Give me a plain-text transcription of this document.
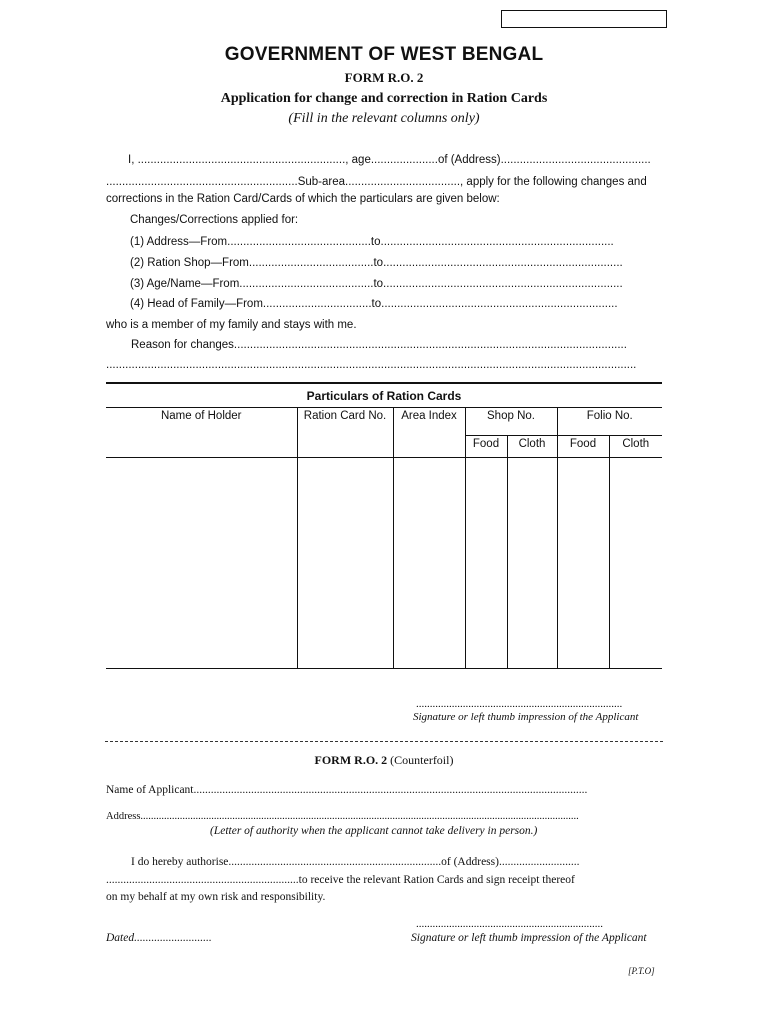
GOVERNMENT OF WEST BENGAL
FORM R.O. 2
Application for change and correction in Ration Cards
(Fill in the relevant columns only)
I, ................................................................., age.....................of (Address)...............................................
............................................................Sub-area...................................., apply for the following changes and
corrections in the Ration Card/Cards of which the particulars are given below:
Changes/Corrections applied for:
(1) Address—From.............................................to.........................................................................
(2) Ration Shop—From.......................................to...........................................................................
(3) Age/Name—From..........................................to...........................................................................
(4) Head of Family—From..................................to..........................................................................
who is a member of my family and stays with me.
Reason for changes...........................................................................................................................
......................................................................................................................................................................
Particulars of Ration Cards
Name of Holder	Ration Card No.	Area Index	Shop No.		Folio No.	
			Food	Cloth	Food	Cloth

...........................................................................
Signature or left thumb impression of the Applicant
FORM R.O. 2 (Counterfoil)
Name of Applicant.........................................................................................................................................
Address.......................................................................................................................................................................
(Letter of authority when the applicant cannot take delivery in person.)
I do hereby authorise..........................................................................of (Address)............................
...................................................................to receive the relevant Ration Cards and sign receipt thereof
on my behalf at my own risk and responsibility.
....................................................................
Dated...........................	Signature or left thumb impression of the Applicant
[P.T.O]
